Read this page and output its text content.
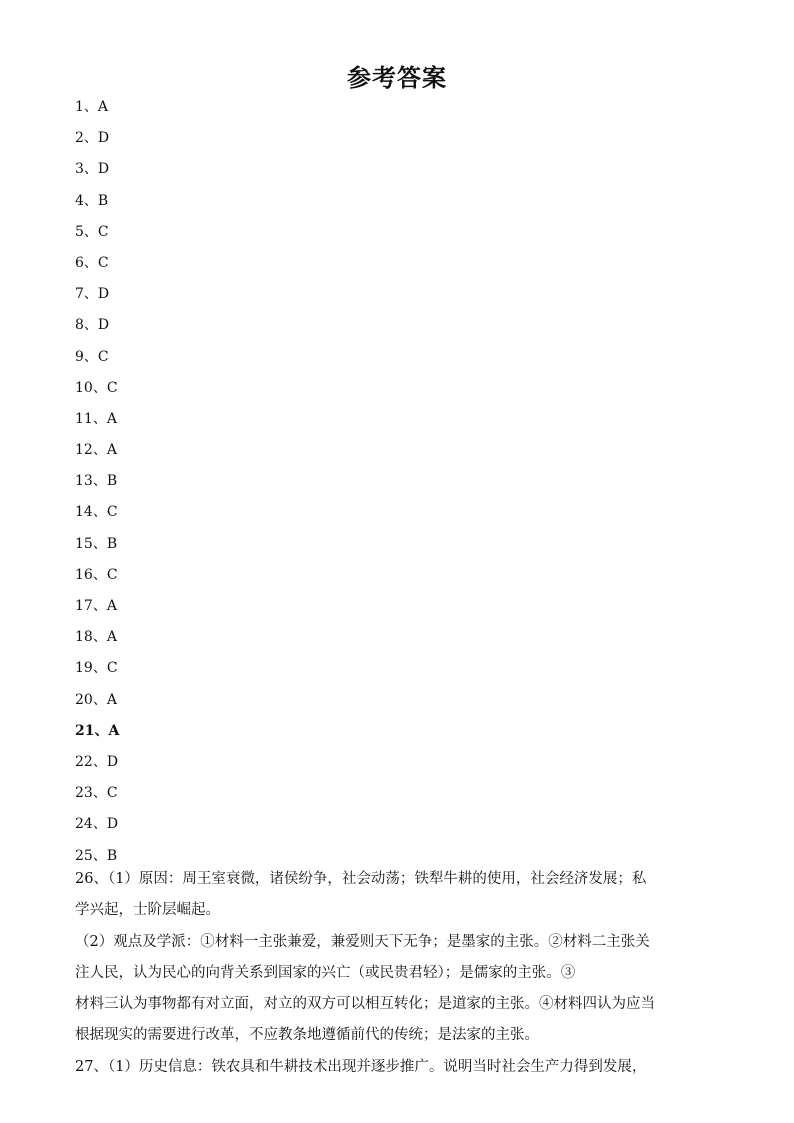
参考答案
1、A
2、D
3、D
4、B
5、C
6、C
7、D
8、D
9、C
10、C
11、A
12、A
13、B
14、C
15、B
16、C
17、A
18、A
19、C
20、A
21、A
22、D
23、C
24、D
25、B

26、（1）原因：周王室衰微，诸侯纷争，社会动荡；铁犁牛耕的使用，社会经济发展；私

学兴起，士阶层崛起。

（2）观点及学派：①材料一主张兼爱，兼爱则天下无争；是墨家的主张。②材料二主张关

注人民，认为民心的向背关系到国家的兴亡（或民贵君轻）；是儒家的主张。③

材料三认为事物都有对立面，对立的双方可以相互转化；是道家的主张。④材料四认为应当

根据现实的需要进行改革，不应教条地遵循前代的传统；是法家的主张。

27、（1）历史信息：铁农具和牛耕技术出现并逐步推广。说明当时社会生产力得到发展，
